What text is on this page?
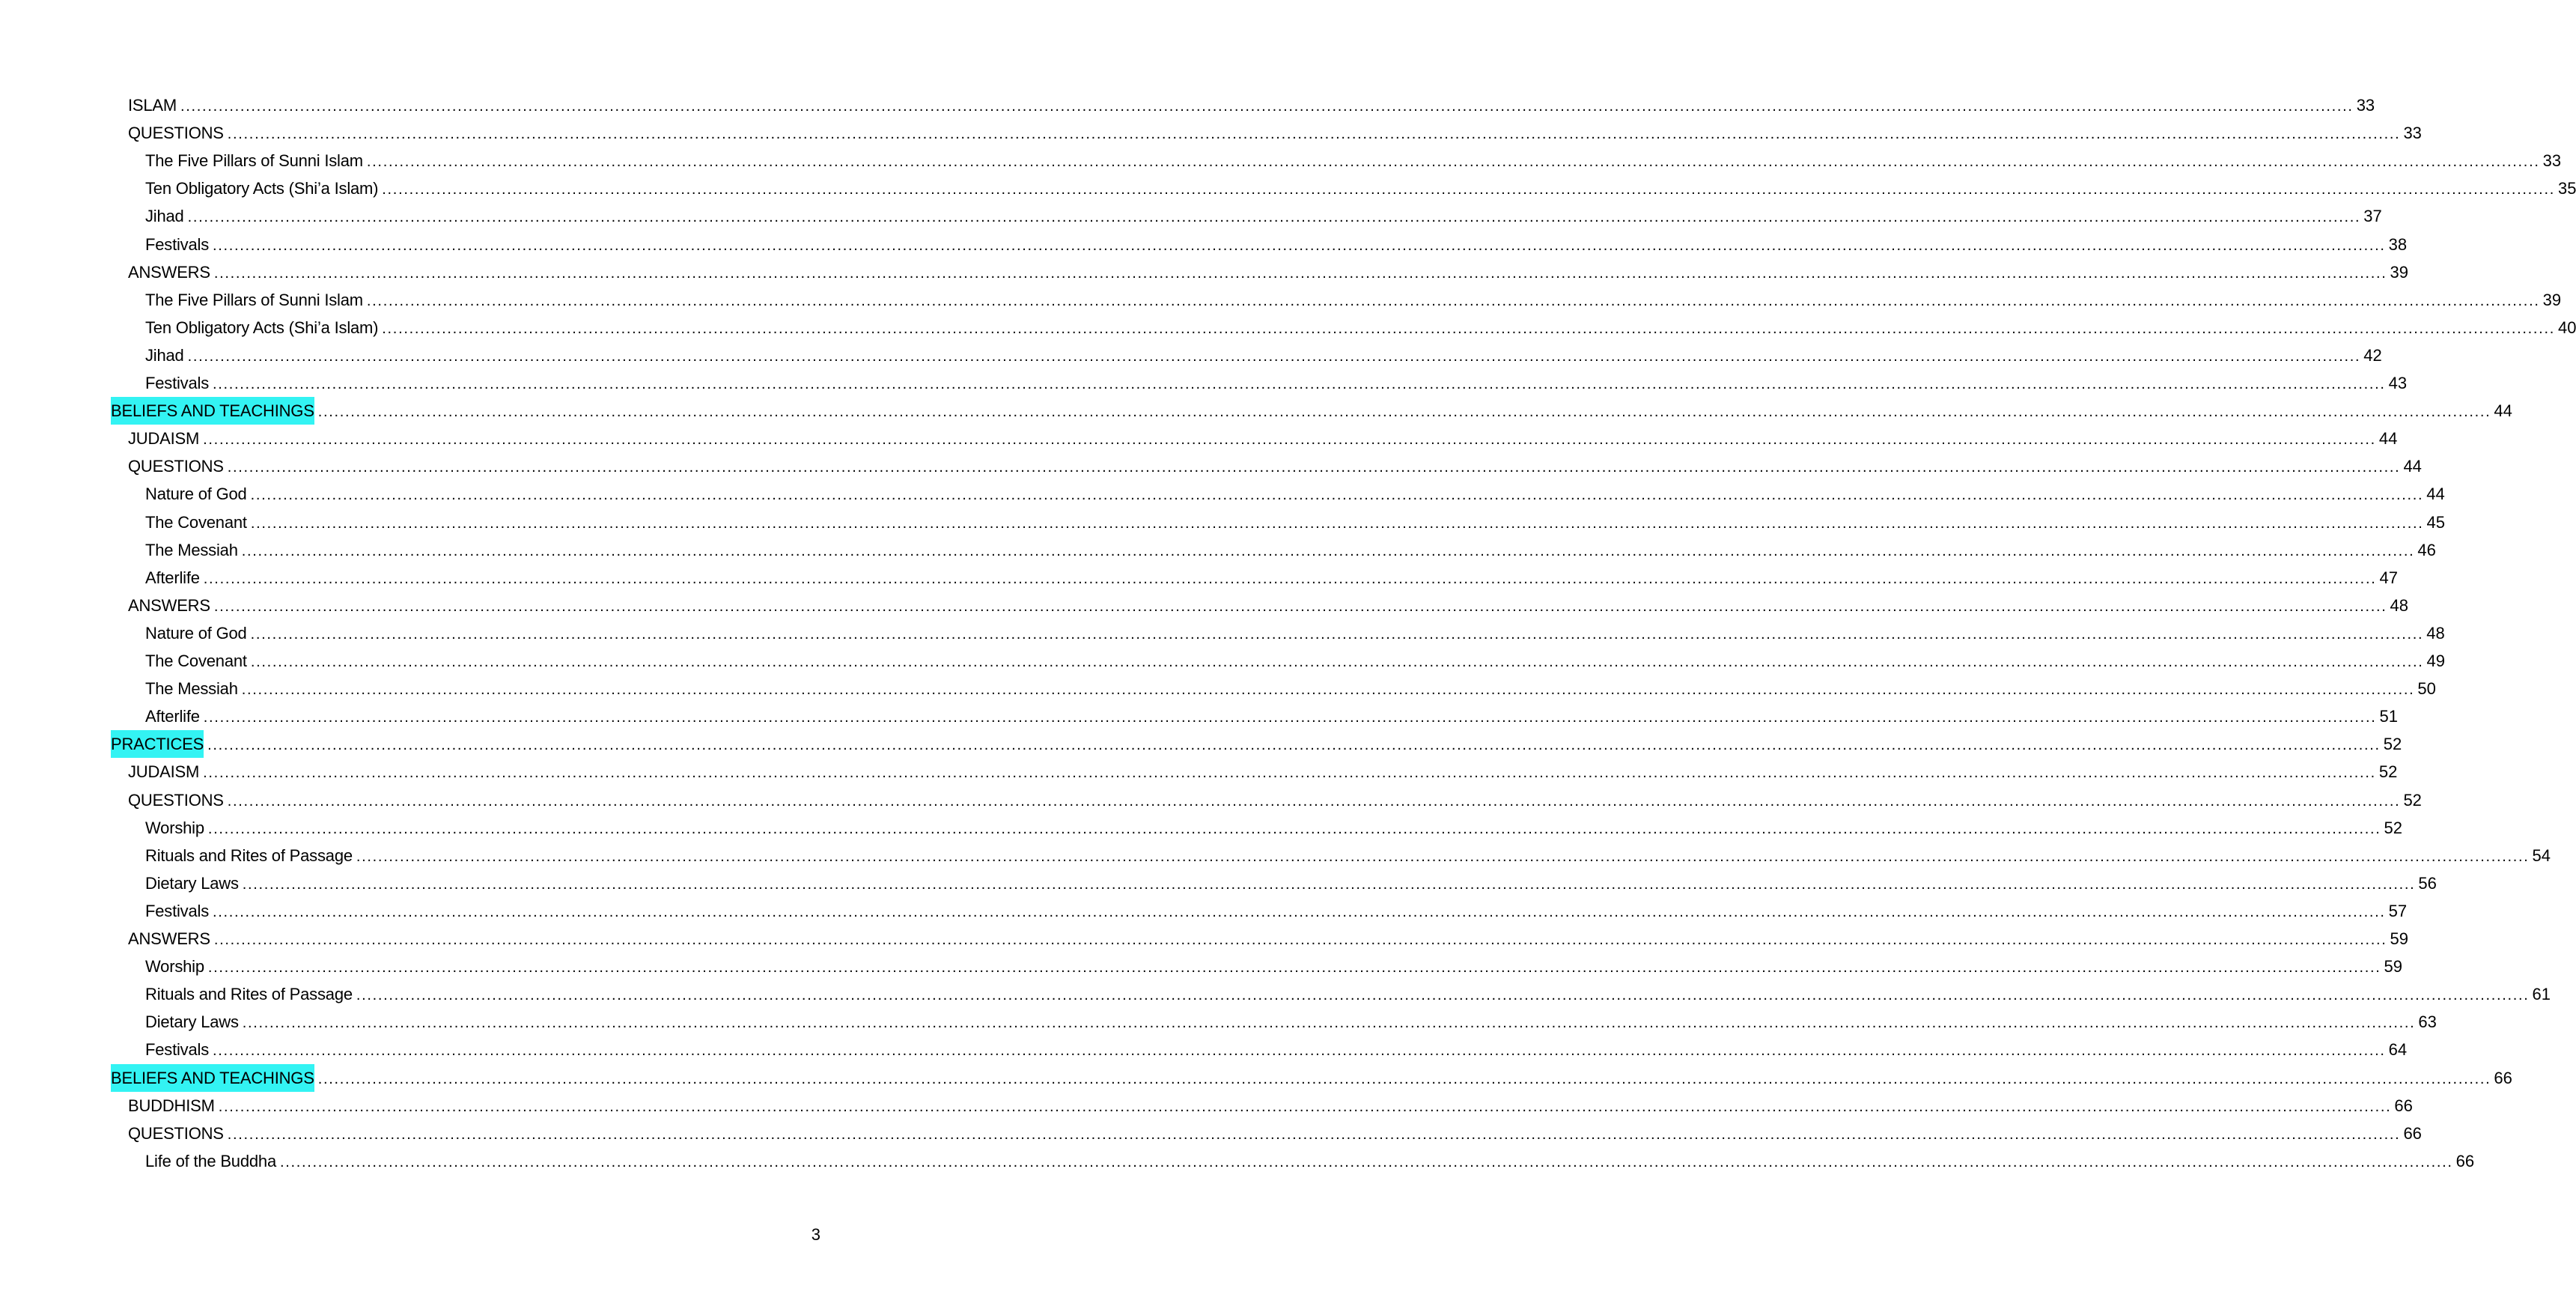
ISLAM ................................................................................................................................................................................................................................................................................................................................................................................................................ 33
QUESTIONS ................................................................................................................................................................................................................................................................................................................................................................................................................ 33
The Five Pillars of Sunni Islam ................................................................................................................................................................................................................................................................................................................................................................................................................ 33
Ten Obligatory Acts (Shi’a Islam) ................................................................................................................................................................................................................................................................................................................................................................................................................ 35
Jihad ................................................................................................................................................................................................................................................................................................................................................................................................................ 37
Festivals ................................................................................................................................................................................................................................................................................................................................................................................................................ 38
ANSWERS ................................................................................................................................................................................................................................................................................................................................................................................................................ 39
The Five Pillars of Sunni Islam ................................................................................................................................................................................................................................................................................................................................................................................................................ 39
Ten Obligatory Acts (Shi’a Islam) ................................................................................................................................................................................................................................................................................................................................................................................................................ 40
Jihad ................................................................................................................................................................................................................................................................................................................................................................................................................ 42
Festivals ................................................................................................................................................................................................................................................................................................................................................................................................................ 43
BELIEFS AND TEACHINGS ................................................................................................................................................................................................................................................................................................................................................................................................................ 44
JUDAISM ................................................................................................................................................................................................................................................................................................................................................................................................................ 44
QUESTIONS ................................................................................................................................................................................................................................................................................................................................................................................................................ 44
Nature of God ................................................................................................................................................................................................................................................................................................................................................................................................................ 44
The Covenant ................................................................................................................................................................................................................................................................................................................................................................................................................ 45
The Messiah ................................................................................................................................................................................................................................................................................................................................................................................................................ 46
Afterlife ................................................................................................................................................................................................................................................................................................................................................................................................................ 47
ANSWERS ................................................................................................................................................................................................................................................................................................................................................................................................................ 48
Nature of God ................................................................................................................................................................................................................................................................................................................................................................................................................ 48
The Covenant ................................................................................................................................................................................................................................................................................................................................................................................................................ 49
The Messiah ................................................................................................................................................................................................................................................................................................................................................................................................................ 50
Afterlife ................................................................................................................................................................................................................................................................................................................................................................................................................ 51
PRACTICES ................................................................................................................................................................................................................................................................................................................................................................................................................ 52
JUDAISM ................................................................................................................................................................................................................................................................................................................................................................................................................ 52
QUESTIONS ................................................................................................................................................................................................................................................................................................................................................................................................................ 52
Worship ................................................................................................................................................................................................................................................................................................................................................................................................................ 52
Rituals and Rites of Passage ................................................................................................................................................................................................................................................................................................................................................................................................................ 54
Dietary Laws ................................................................................................................................................................................................................................................................................................................................................................................................................ 56
Festivals ................................................................................................................................................................................................................................................................................................................................................................................................................ 57
ANSWERS ................................................................................................................................................................................................................................................................................................................................................................................................................ 59
Worship ................................................................................................................................................................................................................................................................................................................................................................................................................ 59
Rituals and Rites of Passage ................................................................................................................................................................................................................................................................................................................................................................................................................ 61
Dietary Laws ................................................................................................................................................................................................................................................................................................................................................................................................................ 63
Festivals ................................................................................................................................................................................................................................................................................................................................................................................................................ 64
BELIEFS AND TEACHINGS ................................................................................................................................................................................................................................................................................................................................................................................................................ 66
BUDDHISM ................................................................................................................................................................................................................................................................................................................................................................................................................ 66
QUESTIONS ................................................................................................................................................................................................................................................................................................................................................................................................................ 66
Life of the Buddha ................................................................................................................................................................................................................................................................................................................................................................................................................ 66
3
